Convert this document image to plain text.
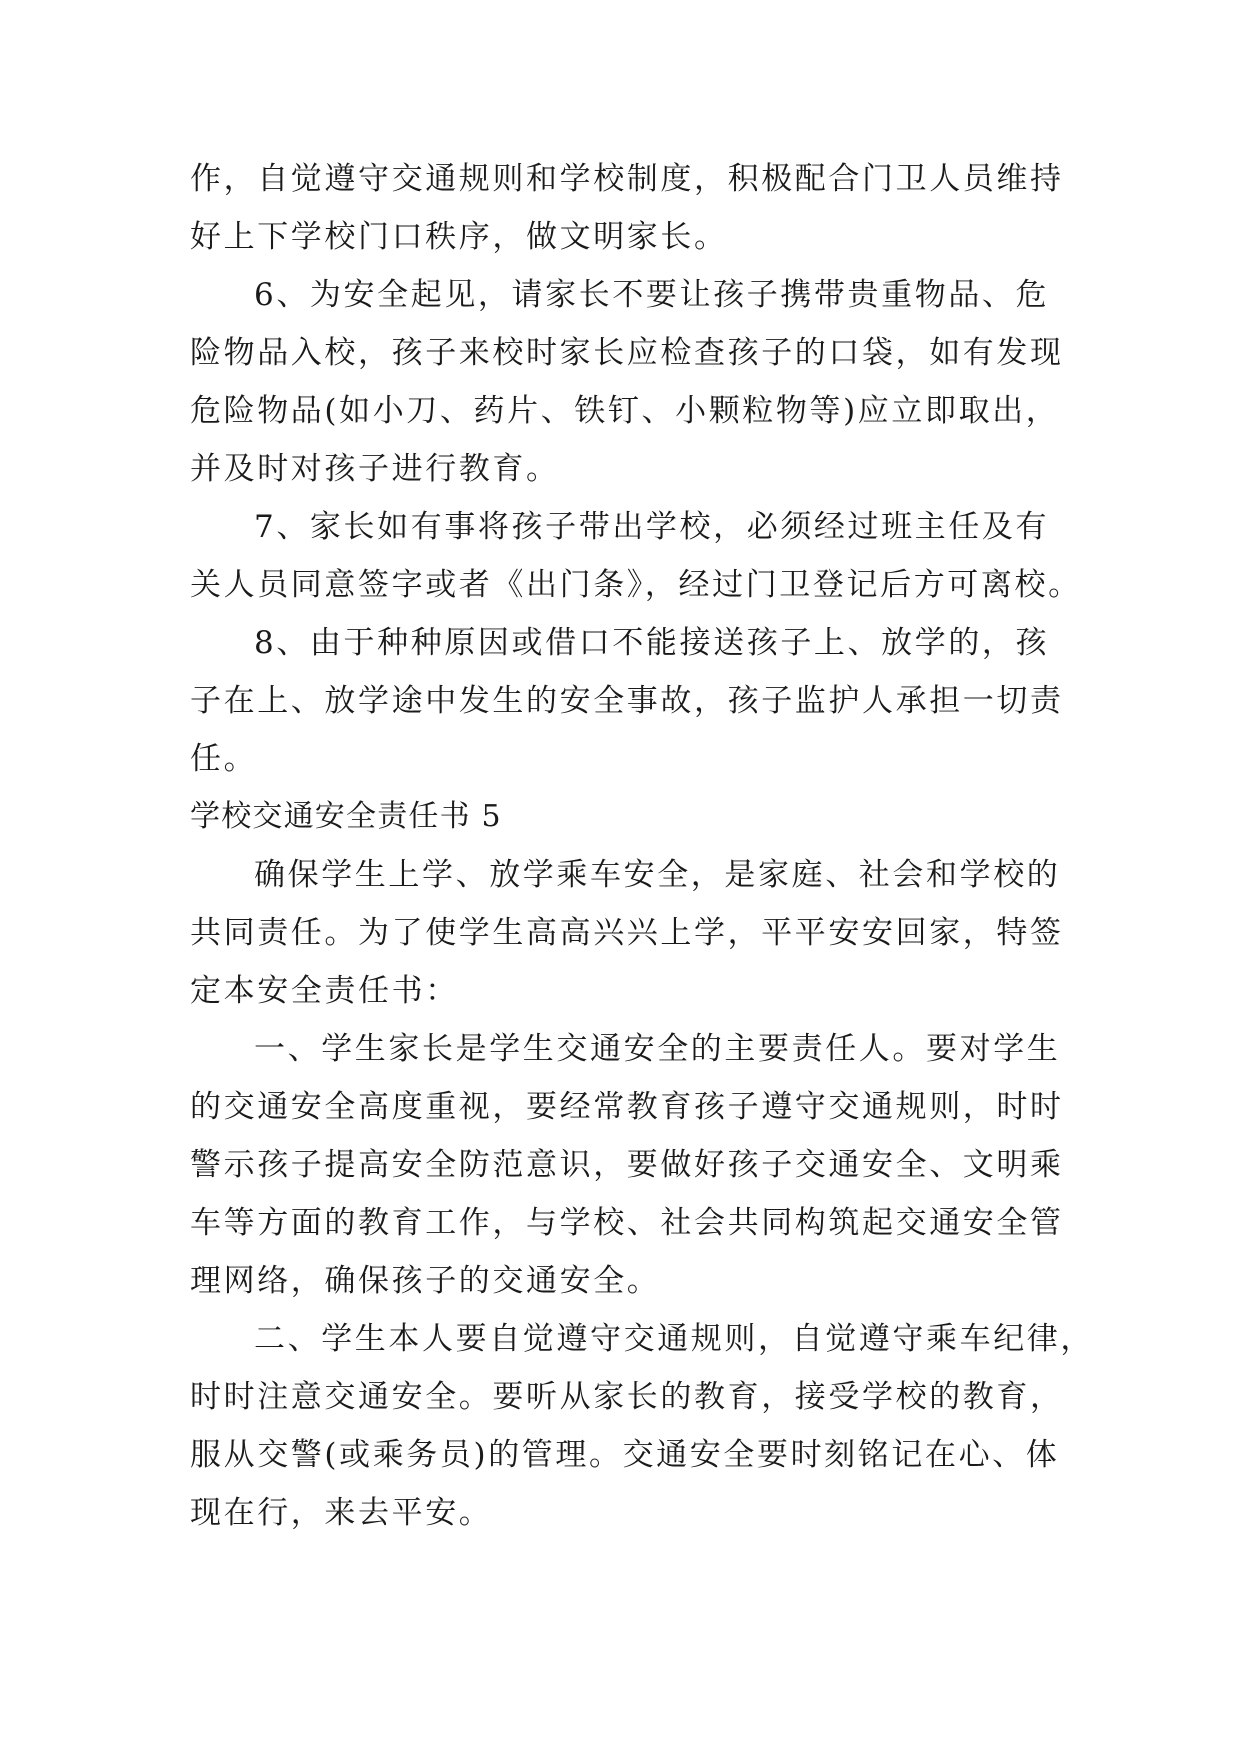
作，自觉遵守交通规则和学校制度，积极配合门卫人员维持
好上下学校门口秩序，做文明家长。
6、为安全起见，请家长不要让孩子携带贵重物品、危
险物品入校，孩子来校时家长应检查孩子的口袋，如有发现
危险物品(如小刀、药片、铁钉、小颗粒物等)应立即取出，
并及时对孩子进行教育。
7、家长如有事将孩子带出学校，必须经过班主任及有
关人员同意签字或者《出门条》，经过门卫登记后方可离校。
8、由于种种原因或借口不能接送孩子上、放学的，孩
子在上、放学途中发生的安全事故，孩子监护人承担一切责
任。
学校交通安全责任书 5
确保学生上学、放学乘车安全，是家庭、社会和学校的
共同责任。为了使学生高高兴兴上学，平平安安回家，特签
定本安全责任书：
一、学生家长是学生交通安全的主要责任人。要对学生
的交通安全高度重视，要经常教育孩子遵守交通规则，时时
警示孩子提高安全防范意识，要做好孩子交通安全、文明乘
车等方面的教育工作，与学校、社会共同构筑起交通安全管
理网络，确保孩子的交通安全。
二、学生本人要自觉遵守交通规则，自觉遵守乘车纪律，
时时注意交通安全。要听从家长的教育，接受学校的教育，
服从交警(或乘务员)的管理。交通安全要时刻铭记在心、体
现在行，来去平安。
